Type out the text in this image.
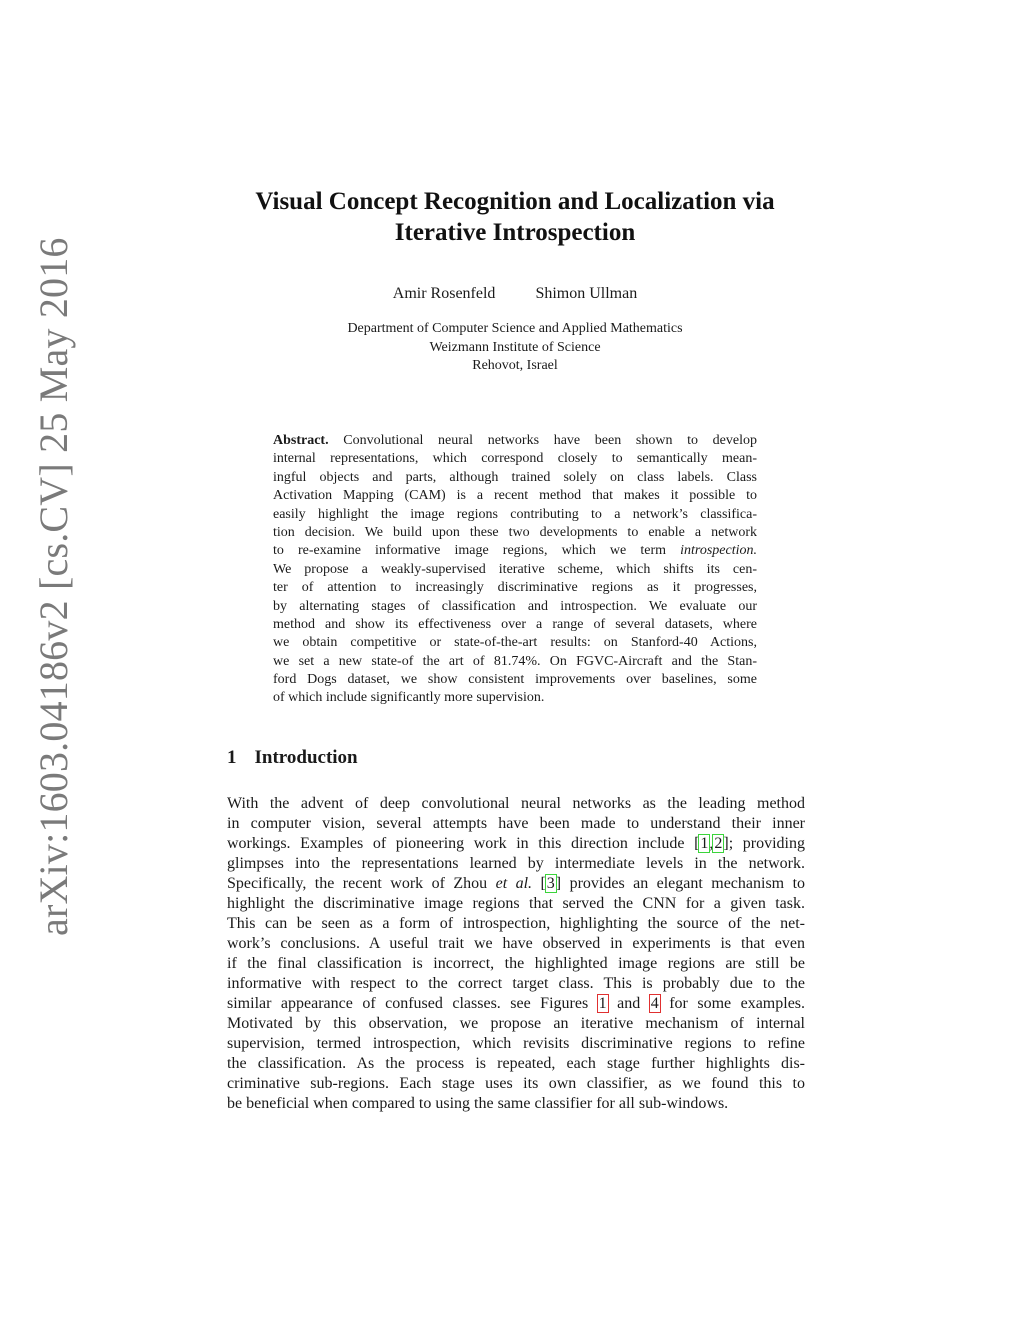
arXiv:1603.04186v2 [cs.CV] 25 May 2016
Visual Concept Recognition and Localization via
Iterative Introspection
Amir Rosenfeld	Shimon Ullman
Department of Computer Science and Applied Mathematics
Weizmann Institute of Science
Rehovot, Israel
Abstract. Convolutional neural networks have been shown to develop
internal representations, which correspond closely to semantically mean-
ingful objects and parts, although trained solely on class labels. Class
Activation Mapping (CAM) is a recent method that makes it possible to
easily highlight the image regions contributing to a network’s classifica-
tion decision. We build upon these two developments to enable a network
to re-examine informative image regions, which we term introspection.
We propose a weakly-supervised iterative scheme, which shifts its cen-
ter of attention to increasingly discriminative regions as it progresses,
by alternating stages of classification and introspection. We evaluate our
method and show its effectiveness over a range of several datasets, where
we obtain competitive or state-of-the-art results: on Stanford-40 Actions,
we set a new state-of the art of 81.74%. On FGVC-Aircraft and the Stan-
ford Dogs dataset, we show consistent improvements over baselines, some
of which include significantly more supervision.
1 Introduction
With the advent of deep convolutional neural networks as the leading method
in computer vision, several attempts have been made to understand their inner
workings. Examples of pioneering work in this direction include [1,2]; providing
glimpses into the representations learned by intermediate levels in the network.
Specifically, the recent work of Zhou et al. [3] provides an elegant mechanism to
highlight the discriminative image regions that served the CNN for a given task.
This can be seen as a form of introspection, highlighting the source of the net-
work’s conclusions. A useful trait we have observed in experiments is that even
if the final classification is incorrect, the highlighted image regions are still be
informative with respect to the correct target class. This is probably due to the
similar appearance of confused classes. see Figures 1 and 4 for some examples.
Motivated by this observation, we propose an iterative mechanism of internal
supervision, termed introspection, which revisits discriminative regions to refine
the classification. As the process is repeated, each stage further highlights dis-
criminative sub-regions. Each stage uses its own classifier, as we found this to
be beneficial when compared to using the same classifier for all sub-windows.
